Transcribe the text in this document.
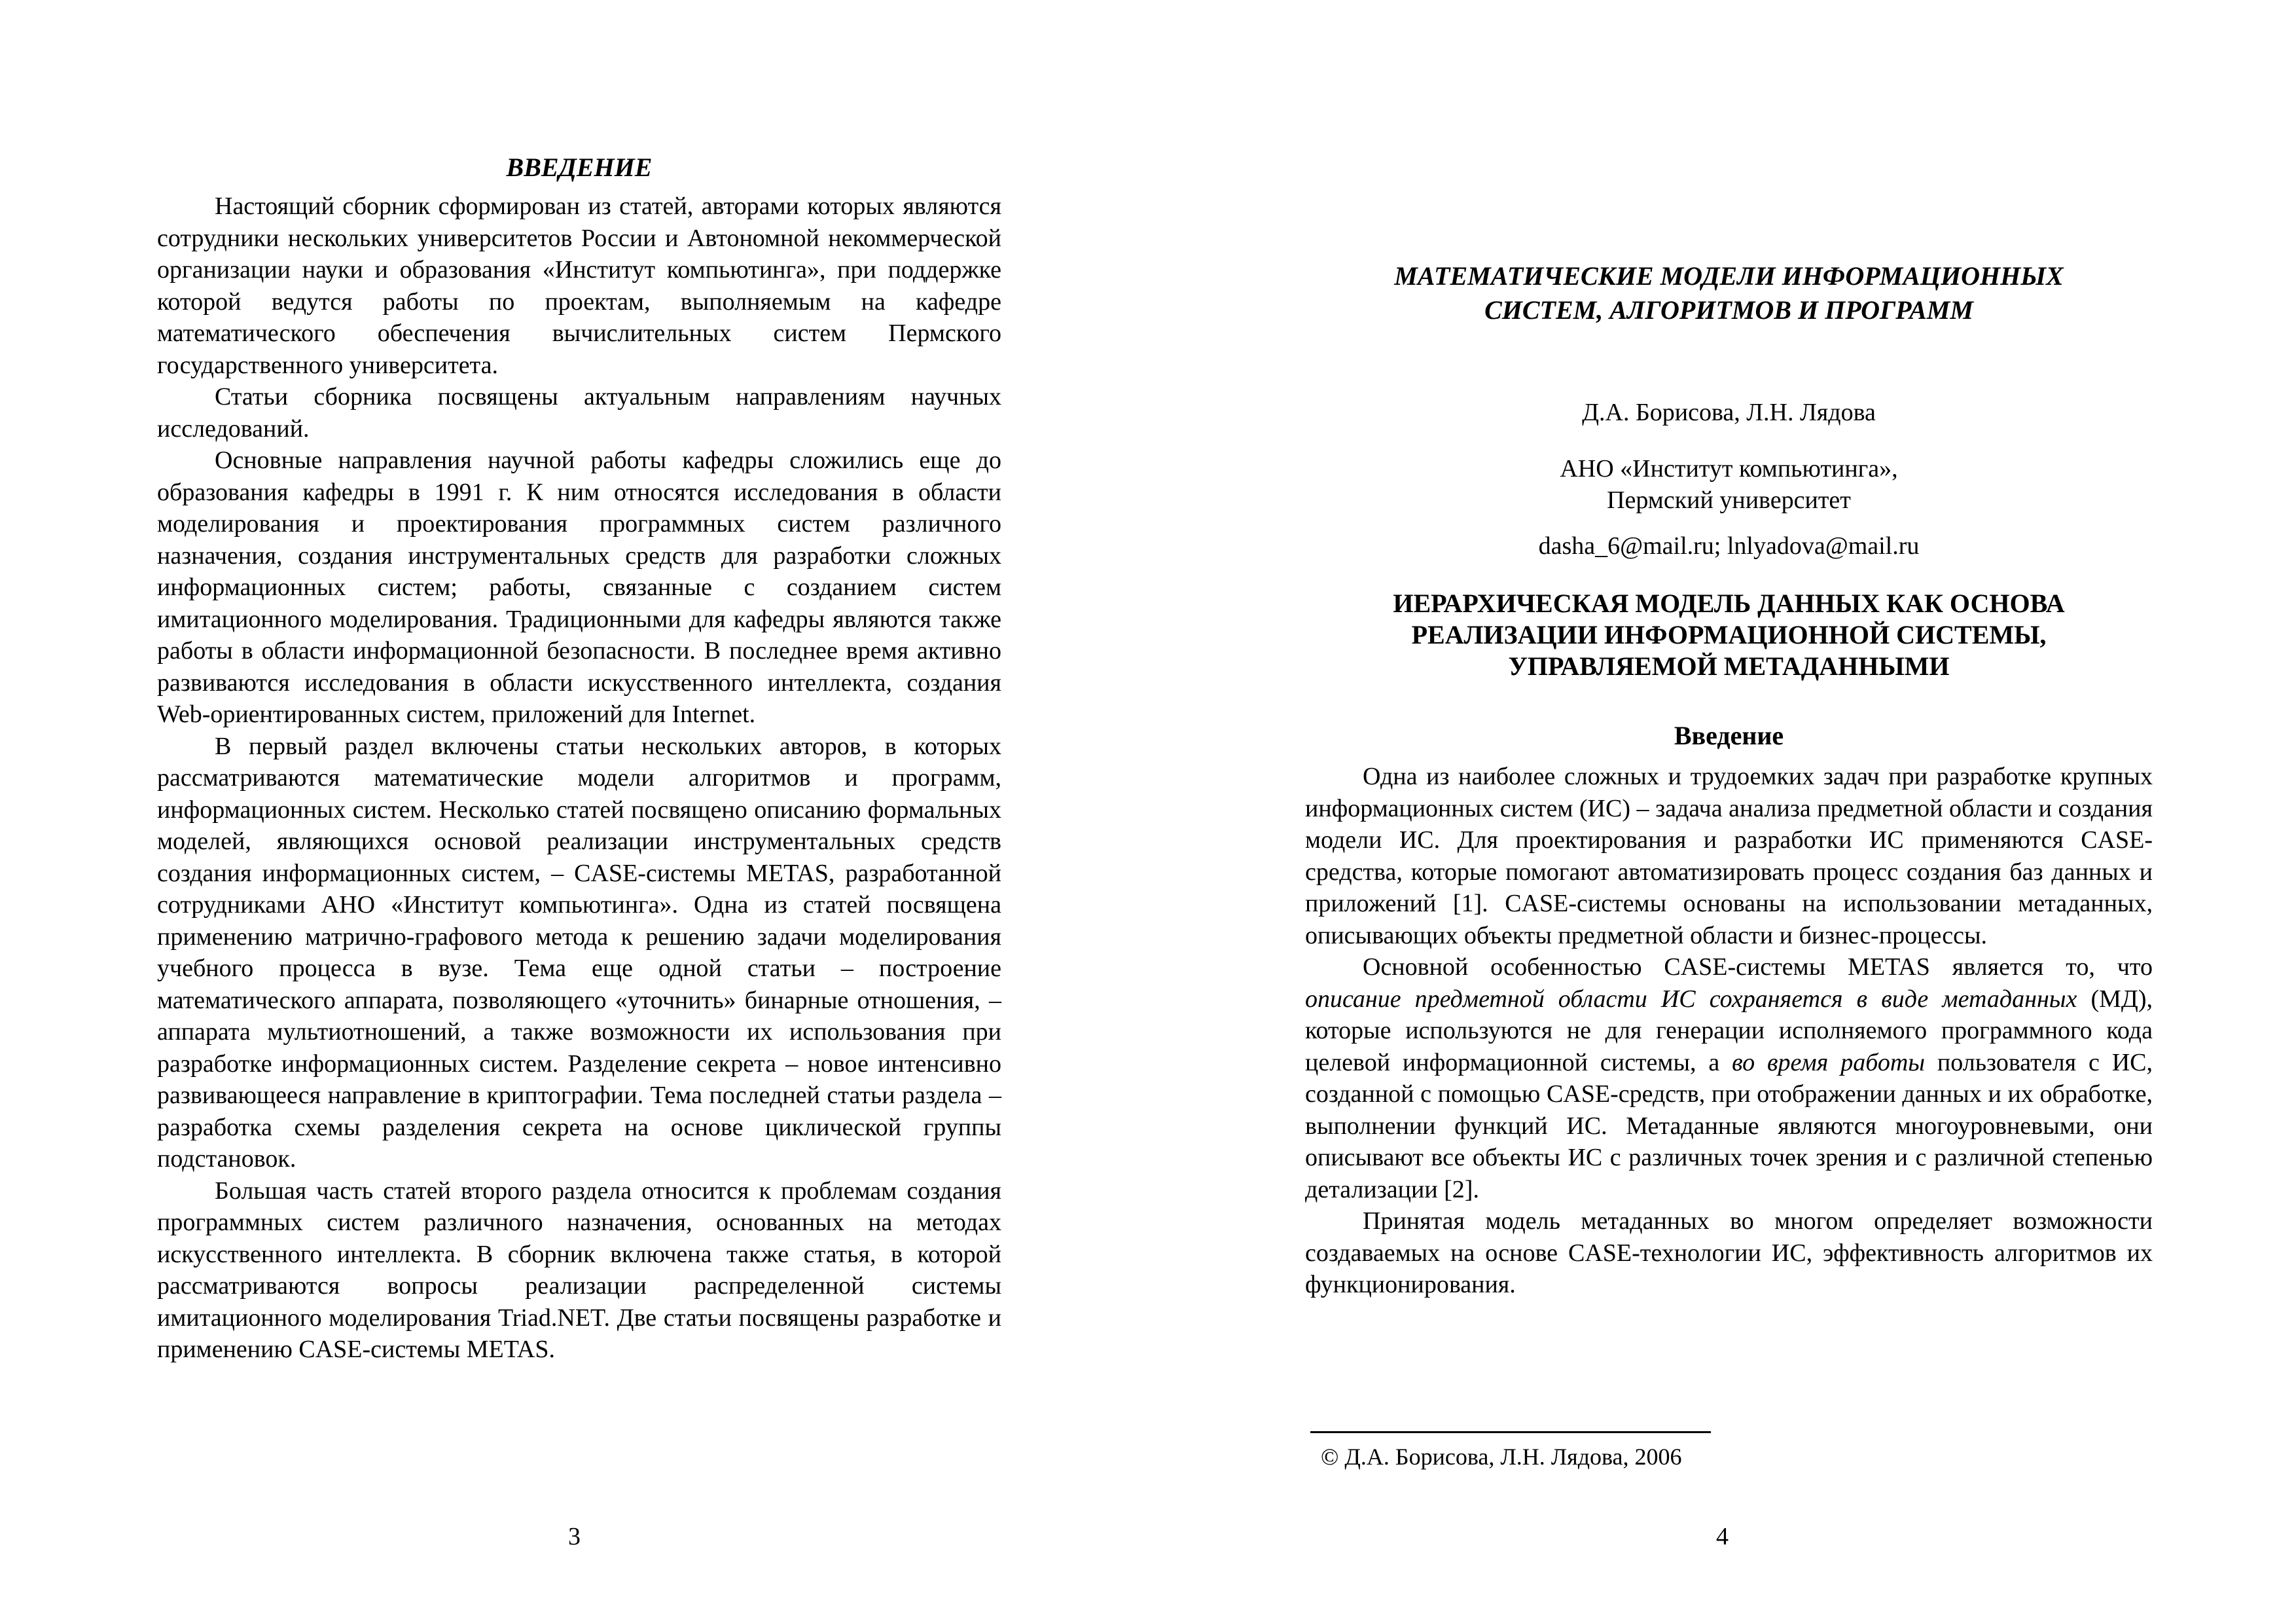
ВВЕДЕНИЕ

Настоящий сборник сформирован из статей, авторами которых являются сотрудники нескольких университетов России и Автономной некоммерческой организации науки и образования «Институт компьютинга», при поддержке которой ведутся работы по проектам, выполняемым на кафедре математического обеспечения вычислительных систем Пермского государственного университета.

Статьи сборника посвящены актуальным направлениям научных исследований.

Основные направления научной работы кафедры сложились еще до образования кафедры в 1991 г. К ним относятся исследования в области моделирования и проектирования программных систем различного назначения, создания инструментальных средств для разработки сложных информационных систем; работы, связанные с созданием систем имитационного моделирования. Традиционными для кафедры являются также работы в области информационной безопасности. В последнее время активно развиваются исследования в области искусственного интеллекта, создания Web-ориентированных систем, приложений для Internet.

В первый раздел включены статьи нескольких авторов, в которых рассматриваются математические модели алгоритмов и программ, информационных систем. Несколько статей посвящено описанию формальных моделей, являющихся основой реализации инструментальных средств создания информационных систем, – CASE-системы METAS, разработанной сотрудниками АНО «Институт компьютинга». Одна из статей посвящена применению матрично-графового метода к решению задачи моделирования учебного процесса в вузе. Тема еще одной статьи – построение математического аппарата, позволяющего «уточнить» бинарные отношения, – аппарата мультиотношений, а также возможности их использования при разработке информационных систем. Разделение секрета – новое интенсивно развивающееся направление в криптографии. Тема последней статьи раздела – разработка схемы разделения секрета на основе циклической группы подстановок.

Большая часть статей второго раздела относится к проблемам создания программных систем различного назначения, основанных на методах искусственного интеллекта. В сборник включена также статья, в которой рассматриваются вопросы реализации распределенной системы имитационного моделирования Triad.NET. Две статьи посвящены разработке и применению CASE-системы METAS.

3
МАТЕМАТИЧЕСКИЕ МОДЕЛИ ИНФОРМАЦИОННЫХ
СИСТЕМ, АЛГОРИТМОВ И ПРОГРАММ
Д.А. Борисова, Л.Н. Лядова
АНО «Институт компьютинга»,
Пермский университет
dasha_6@mail.ru; lnlyadova@mail.ru
ИЕРАРХИЧЕСКАЯ МОДЕЛЬ ДАННЫХ КАК ОСНОВА
РЕАЛИЗАЦИИ ИНФОРМАЦИОННОЙ СИСТЕМЫ,
УПРАВЛЯЕМОЙ МЕТАДАННЫМИ
Введение

Одна из наиболее сложных и трудоемких задач при разработке крупных информационных систем (ИС) – задача анализа предметной области и создания модели ИС. Для проектирования и разработки ИС применяются CASE-средства, которые помогают автоматизировать процесс создания баз данных и приложений [1]. CASE-системы основаны на использовании метаданных, описывающих объекты предметной области и бизнес-процессы.

Основной особенностью CASE-системы METAS является то, что описание предметной области ИС сохраняется в виде метаданных (МД), которые используются не для генерации исполняемого программного кода целевой информационной системы, а во время работы пользователя с ИС, созданной с помощью CASE-средств, при отображении данных и их обработке, выполнении функций ИС. Метаданные являются многоуровневыми, они описывают все объекты ИС с различных точек зрения и с различной степенью детализации [2].

Принятая модель метаданных во многом определяет возможности создаваемых на основе CASE-технологии ИС, эффективность алгоритмов их функционирования.

© Д.А. Борисова, Л.Н. Лядова, 2006
4
